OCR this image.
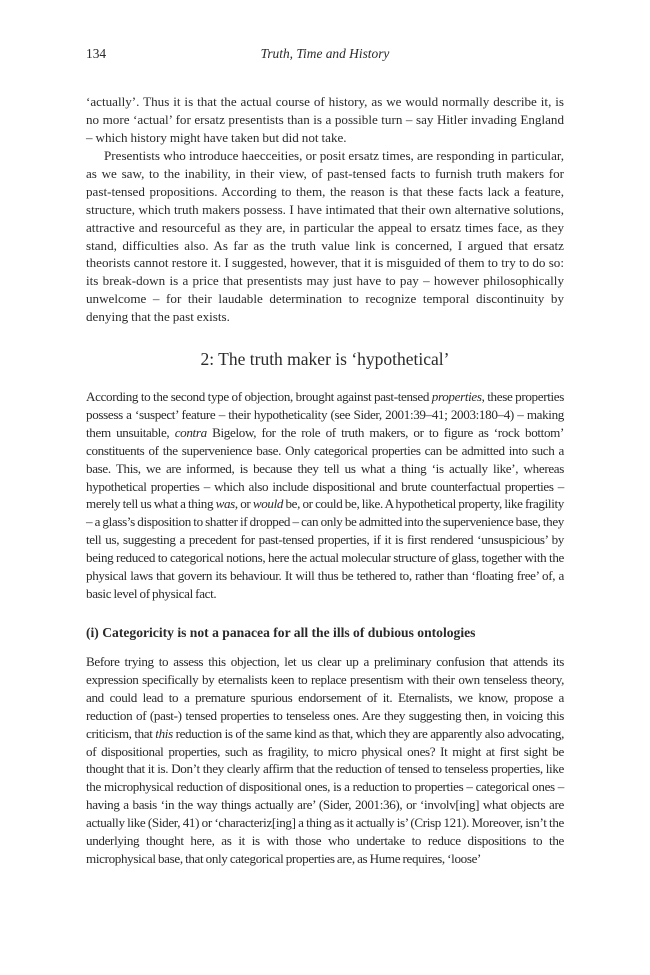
134	Truth, Time and History

‘actually’. Thus it is that the actual course of history, as we would normally describe it, is no more ‘actual’ for ersatz presentists than is a possible turn – say Hitler invading England – which history might have taken but did not take.

Presentists who introduce haecceities, or posit ersatz times, are responding in particular, as we saw, to the inability, in their view, of past-tensed facts to furnish truth makers for past-tensed propositions. According to them, the reason is that these facts lack a feature, structure, which truth makers possess. I have intimated that their own alternative solutions, attractive and resourceful as they are, in particular the appeal to ersatz times face, as they stand, difficulties also. As far as the truth value link is concerned, I argued that ersatz theorists cannot restore it. I suggested, however, that it is misguided of them to try to do so: its break-down is a price that presentists may just have to pay – however philosophically unwelcome – for their laudable determination to recognize temporal discontinuity by denying that the past exists.

2: The truth maker is ‘hypothetical’

According to the second type of objection, brought against past-tensed properties, these properties possess a ‘suspect’ feature – their hypotheticality (see Sider, 2001:39–41; 2003:180–4) – making them unsuitable, contra Bigelow, for the role of truth makers, or to figure as ‘rock bottom’ constituents of the supervenience base. Only categorical properties can be admitted into such a base. This, we are informed, is because they tell us what a thing ‘is actually like’, whereas hypothetical properties – which also include dispositional and brute counterfactual properties – merely tell us what a thing was, or would be, or could be, like. A hypothetical property, like fragility – a glass’s disposition to shatter if dropped – can only be admitted into the supervenience base, they tell us, suggesting a precedent for past-tensed properties, if it is first rendered ‘unsuspicious’ by being reduced to categorical notions, here the actual molecular structure of glass, together with the physical laws that govern its behaviour. It will thus be tethered to, rather than ‘floating free’ of, a basic level of physical fact.

(i) Categoricity is not a panacea for all the ills of dubious ontologies

Before trying to assess this objection, let us clear up a preliminary confusion that attends its expression specifically by eternalists keen to replace presentism with their own tenseless theory, and could lead to a premature spurious endorsement of it. Eternalists, we know, propose a reduction of (past-) tensed properties to tenseless ones. Are they suggesting then, in voicing this criticism, that this reduction is of the same kind as that, which they are apparently also advocating, of dispositional properties, such as fragility, to micro physical ones? It might at first sight be thought that it is. Don’t they clearly affirm that the reduction of tensed to tenseless properties, like the microphysical reduction of dispositional ones, is a reduction to properties – categorical ones – having a basis ‘in the way things actually are’ (Sider, 2001:36), or ‘involv[ing] what objects are actually like (Sider, 41) or ‘characteriz[ing] a thing as it actually is’ (Crisp 121). Moreover, isn’t the underlying thought here, as it is with those who undertake to reduce dispositions to the microphysical base, that only categorical properties are, as Hume requires, ‘loose’
